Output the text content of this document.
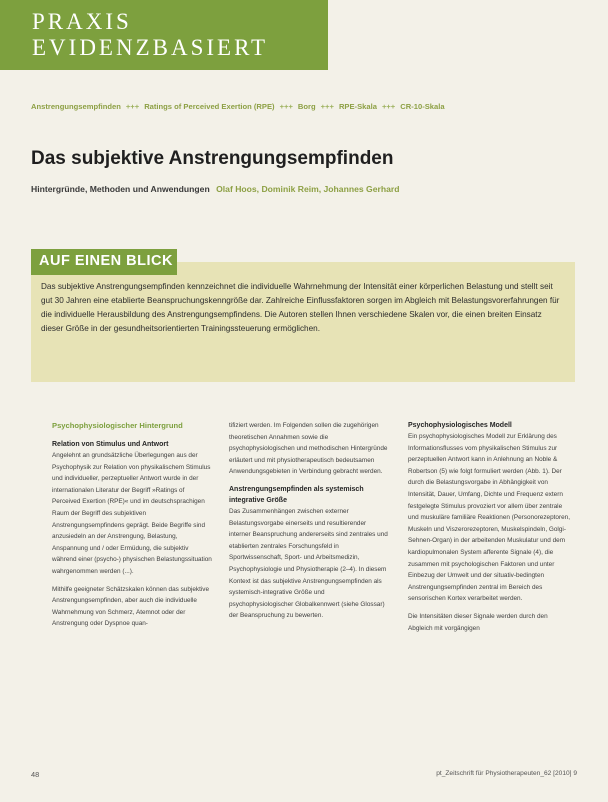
PRAXIS
EVIDENZBASIERT
Anstrengungsempfinden +++ Ratings of Perceived Exertion (RPE) +++ Borg +++ RPE-Skala +++ CR-10-Skala
Das subjektive Anstrengungsempfinden
Hintergründe, Methoden und Anwendungen Olaf Hoos, Dominik Reim, Johannes Gerhard
Das subjektive Anstrengungsempfinden kennzeichnet die individuelle Wahrnehmung der Intensität einer körperlichen Belastung und stellt seit gut 30 Jahren eine etablierte Beanspruchungskenngröße dar. Zahlreiche Einflussfaktoren sorgen im Abgleich mit Belastungsvorerfahrungen für die individuelle Herausbildung des Anstrengungsempfindens. Die Autoren stellen Ihnen verschiedene Skalen vor, die einen breiten Einsatz dieser Größe in der gesundheitsorientierten Trainingssteuerung ermöglichen.
AUF EINEN BLICK
Psychophysiologischer Hintergrund
Relation von Stimulus und Antwort

Angelehnt an grundsätzliche Überlegungen aus der Psychophysik zur Relation von physikalischem Stimulus und individueller, perzeptueller Antwort wurde in der internationalen Literatur der Begriff »Ratings of Perceived Exertion (RPE)« und im deutschsprachigen Raum der Begriff des subjektiven Anstrengungsempfindens geprägt. Beide Begriffe sind anzusiedeln an der Anstrengung, Belastung, Anspannung und / oder Ermüdung, die subjektiv während einer (psycho-) physischen Belastungssituation wahrgenommen werden (...).

Mithilfe geeigneter Schätzskalen können das subjektive Anstrengungsempfinden, aber auch die individuelle Wahrnehmung von Schmerz, Atemnot oder der Anstrengung oder Dyspnoe quan-

tifiziert werden. Im Folgenden sollen die zugehörigen theoretischen Annahmen sowie die psychophysiologischen und methodischen Hintergründe erläutert und mit physiotherapeutisch bedeutsamen Anwendungsgebieten in Verbindung gebracht werden.

Anstrengungsempfinden als systemisch integrative Größe

Das Zusammenhängen zwischen externer Belastungsvorgabe einerseits und resultierender interner Beanspruchung andererseits sind zentrales und etablierten zentrales Forschungsfeld in Sportwissenschaft, Sport- und Arbeitsmedizin, Psychophysiologie und Physiotherapie (2–4). In diesem Kontext ist das subjektive Anstrengungsempfinden als systemisch-integrative Größe und psychophysiologischer Globalkennwert (siehe Glossar) der Beanspruchung zu bewerten.

Psychophysiologisches Modell

Ein psychophysiologisches Modell zur Erklärung des Informationsflusses vom physikalischen Stimulus zur perzeptuellen Antwort kann in Anlehnung an Noble & Robertson (5) wie folgt formuliert werden (Abb. 1). Der durch die Belastungsvorgabe in Abhängigkeit von Intensität, Dauer, Umfang, Dichte und Frequenz extern festgelegte Stimulus provoziert vor allem über zentrale und muskuläre familiäre Reaktionen (Personorezeptoren, Muskeln und Viszerorezeptoren, Muskelspindeln, Golgi-Sehnen-Organ) in der arbeitenden Muskulatur und dem kardiopulmonalen System afferente Signale (4), die zusammen mit psychologischen Faktoren und unter Einbezug der Umwelt und der situativ-bedingten Anstrengungsempfinden zentral im Bereich des sensorischen Kortex verarbeitet werden.

Die Intensitäten dieser Signale werden durch den Abgleich mit vorgängigen

48	pt_Zeitschrift für Physiotherapeuten_62 [2010] 9
